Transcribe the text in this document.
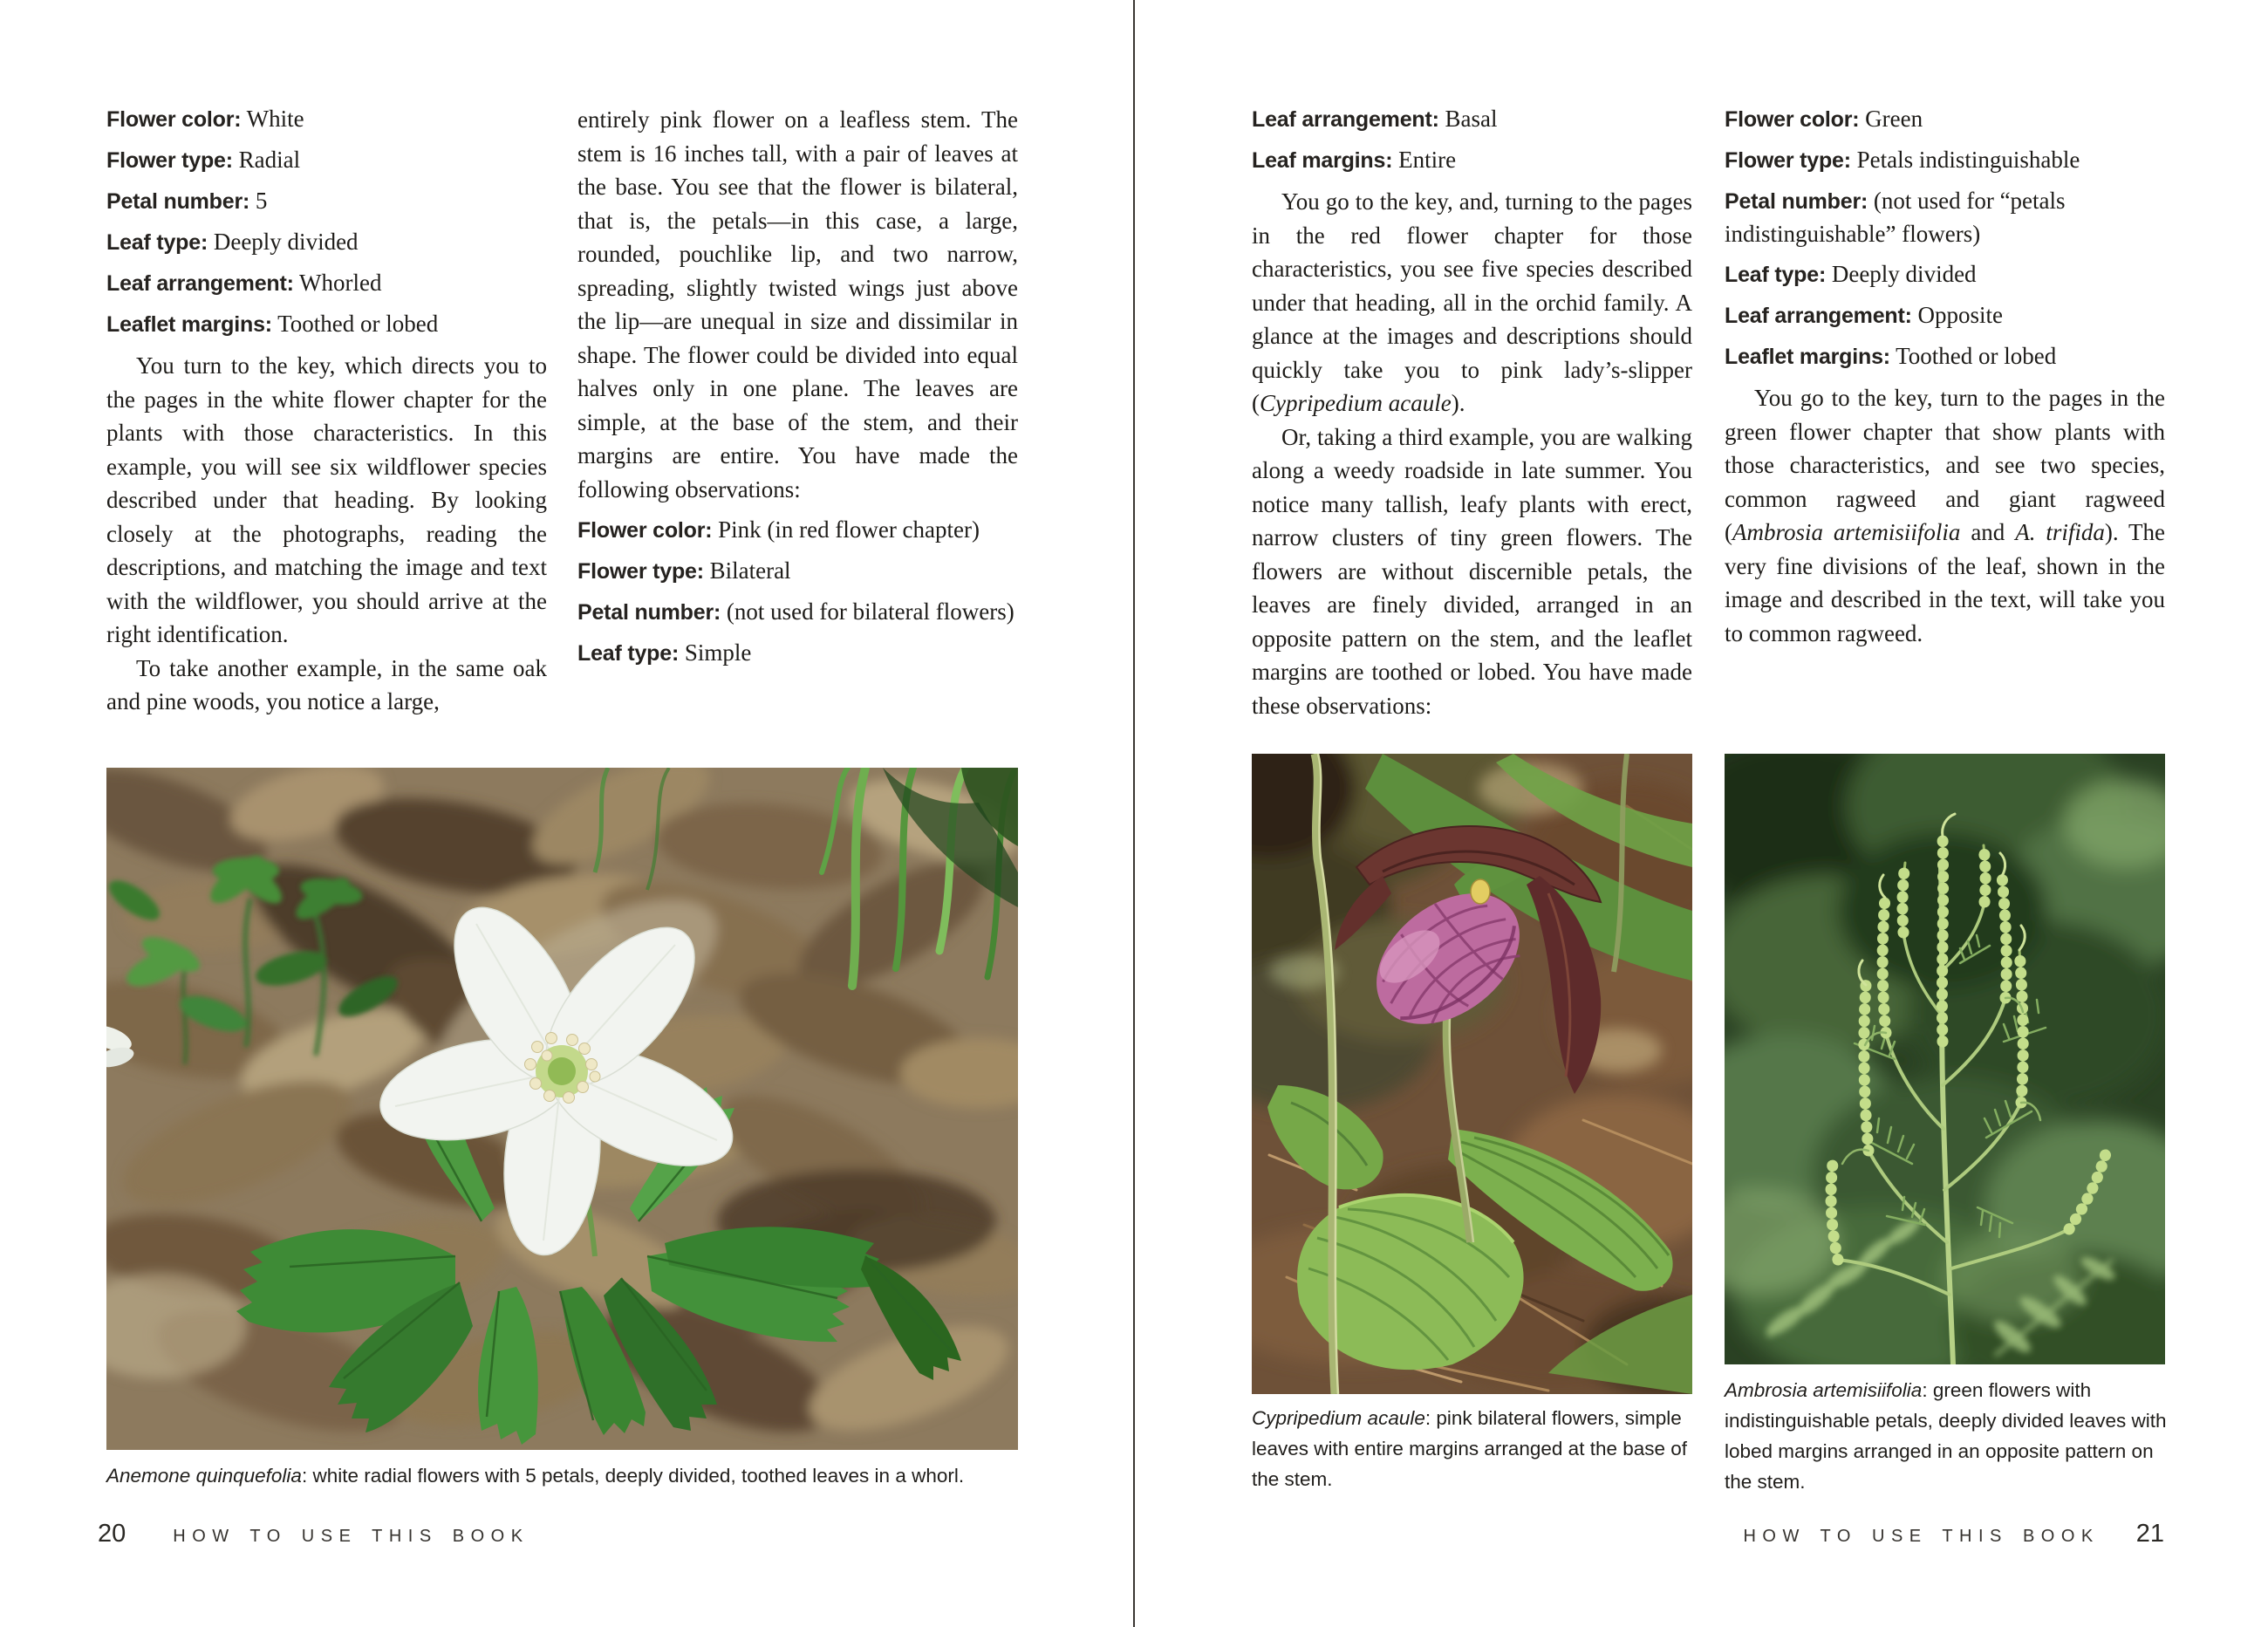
Flower color: White

Flower type: Radial

Petal number: 5

Leaf type: Deeply divided

Leaf arrangement: Whorled

Leaflet margins: Toothed or lobed

You turn to the key, which directs you to the pages in the white flower chapter for the plants with those characteristics. In this example, you will see six wildflower species described under that heading. By looking closely at the photographs, reading the descriptions, and matching the image and text with the wildflower, you should arrive at the right identification.

To take another example, in the same oak and pine woods, you notice a large,

entirely pink flower on a leafless stem. The stem is 16 inches tall, with a pair of leaves at the base. You see that the flower is bilateral, that is, the petals—in this case, a large, rounded, pouchlike lip, and two narrow, spreading, slightly twisted wings just above the lip—are unequal in size and dissimilar in shape. The flower could be divided into equal halves only in one plane. The leaves are simple, at the base of the stem, and their margins are entire. You have made the following observations:

Flower color: Pink (in red flower chapter)

Flower type: Bilateral

Petal number: (not used for bilateral flowers)

Leaf type: Simple

Anemone quinquefolia: white radial flowers with 5 petals, deeply divided, toothed leaves in a whorl.
20	HOW TO USE THIS BOOK

Leaf arrangement: Basal

Leaf margins: Entire

You go to the key, and, turning to the pages in the red flower chapter for those characteristics, you see five species described under that heading, all in the orchid family. A glance at the images and descriptions should quickly take you to pink lady’s-slipper (Cypripedium acaule).

Or, taking a third example, you are walking along a weedy roadside in late summer. You notice many tallish, leafy plants with erect, narrow clusters of tiny green flowers. The flowers are without discernible petals, the leaves are finely divided, arranged in an opposite pattern on the stem, and the leaflet margins are toothed or lobed. You have made these observations:

Flower color: Green

Flower type: Petals indistinguishable

Petal number: (not used for “petals indistinguishable” flowers)

Leaf type: Deeply divided

Leaf arrangement: Opposite

Leaflet margins: Toothed or lobed

You go to the key, turn to the pages in the green flower chapter that show plants with those characteristics, and see two species, common ragweed and giant ragweed (Ambrosia artemisiifolia and A. trifida). The very fine divisions of the leaf, shown in the image and described in the text, will take you to common ragweed.

Cypripedium acaule: pink bilateral flowers, simple leaves with entire margins arranged at the base of the stem.
Ambrosia artemisiifolia: green flowers with indistinguishable petals, deeply divided leaves with lobed margins arranged in an opposite pattern on the stem.
HOW TO USE THIS BOOK 21
